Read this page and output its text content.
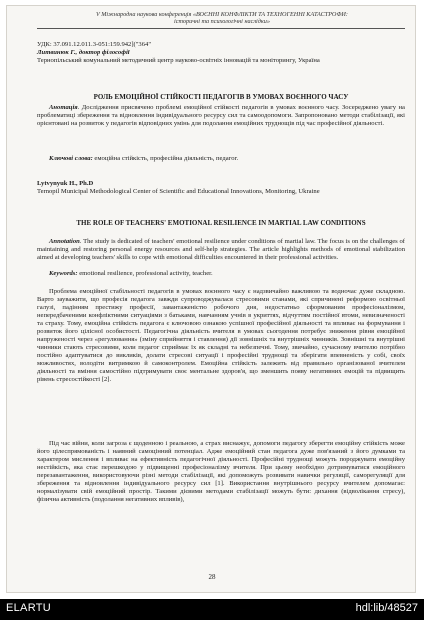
V Міжнародна наукова конференція «ВОЄННІ КОНФЛІКТИ ТА ТЕХНОГЕННІ КАТАСТРОФИ:
історичні та психологічні наслідки»
УДК: 37.091.12.011.3-051:159.942]("364"
Литвинюк Г., доктор філософії
Тернопільський комунальний методичний центр науково-освітніх інновацій та моніторингу, Україна
РОЛЬ ЕМОЦІЙНОЇ СТІЙКОСТІ ПЕДАГОГІВ В УМОВАХ ВОЄННОГО ЧАСУ
Анотація. Дослідження присвячено проблемі емоційної стійкості педагогів в умовах воєнного часу. Зосереджено увагу на проблематиці збереження та відновлення індивідуального ресурсу сил та самоодопомоги. Запропоновано методи стабілізації, які орієнтовані на розвиток у педагогів відповідних умінь для подолання емоційних труднощів під час професійної діяльності.
Ключові слова: емоційна стійкість, професійна діяльність, педагог.
Lytvynyuk H., Ph.D
Ternopil Municipal Methodological Center of Scientific and Educational Innovations, Monitoring, Ukraine
THE ROLE OF TEACHERS' EMOTIONAL RESILIENCE IN MARTIAL LAW CONDITIONS
Annotation. The study is dedicated of teachers' emotional resilience under conditions of martial law. The focus is on the challenges of maintaining and restoring personal energy resources and self-help strategies. The article highlights methods of emotional stabilization aimed at developing teachers' skills to cope with emotional difficulties encountered in their professional activities.
Keywords: emotional resilience, professional activity, teacher.
Проблема емоційної стабільності педагогів в умовах воєнного часу є надзвичайно важливою та водночас дуже складною. Варто зауважити, що професія педагога завжди супроводжувалася стресовими станами, які спричинені реформою освітньої галузі, падінням престижу професії, завантаженістю робочого дня, недостатньо сформованим професіоналізмом, непередбаченими конфліктними ситуаціями з батьками, навчанням учнів в укриттях, відчуттям постійної втоми, невизначеності та страху. Тому, емоційна стійкість педагога є ключовою ознакою успішної професійної діяльності та впливає на формування і розвиток його цілісної особистості. Педагогічна діяльність вчителя в умовах сьогодення потребує зниження рівня емоційної напруженості через «регулювання» (зміну сприйняття і ставлення) дії зовнішніх та внутрішніх чинників. Зовнішні та внутрішні чинники стають стресовими, коли педагог сприймає їх як складні та небезпечні. Тому, звичайно, сучасному вчителю потрібно постійно адаптуватися до викликів, долати стресові ситуації і професійні труднощі та зберігати впевненість у собі, своїх можливостях, володіти витримкою й самоконтролем. Емоційна стійкість залежить від правильно організованої вчителем діяльності та вміння самостійно підтримувати своє ментальне здоров'я, що зменшить появу негативних емоцій та підвищить рівень стресостійкості [2].
Під час війни, коли загроза є щоденною і реальною, а страх виснажує, допомоги педагогу зберегти емоційну стійкість може його цілеспрямованість і наявний самоцінний потенціал. Адже емоційний стан педагога дуже пов'язаний з його думками та характером мислення і впливає на ефективність педагогічної діяльності. Професійні труднощі можуть породжувати емоційну нестійкість, яка стає перешкодою у підвищенні професіоналізму вчителя. При цьому необхідно дотримуватися емоційного перезавантаження, використовуючи різні методи стабілізації, які допоможуть розвивати навички регуляції, саморегуляції для збереження та відновлення індивідуального ресурсу сил [1]. Використання внутрішнього ресурсу вчителем допомагає: нормалізувати свій емоційний простір. Такими дієвими методами стабілізації можуть бути: дихання (відволікання стресу), фізична активність (подолання негативних впливів),
28
ELARTU	hdl:lib/48527
